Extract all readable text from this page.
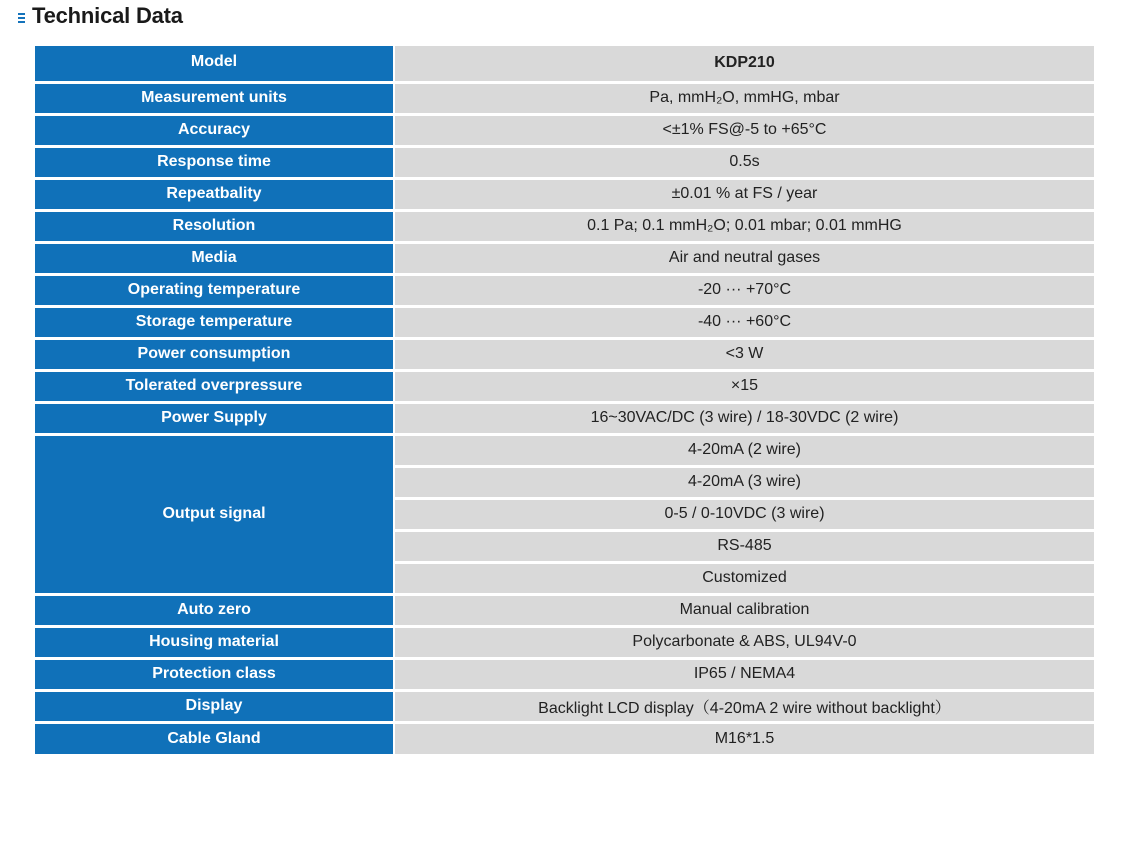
Technical Data
Model	KDP210
Measurement units	Pa, mmH₂O, mmHG, mbar
Accuracy	<±1% FS@-5 to +65°C
Response time	0.5s
Repeatbality	±0.01 % at FS / year
Resolution	0.1 Pa; 0.1 mmH₂O; 0.01 mbar; 0.01 mmHG
Media	Air and neutral gases
Operating temperature	-20 ··· +70°C
Storage temperature	-40 ··· +60°C
Power consumption	<3 W
Tolerated overpressure	×15
Power Supply	16~30VAC/DC (3 wire) / 18-30VDC (2 wire)
Output signal	4-20mA (2 wire)
	4-20mA (3 wire)
	0-5 / 0-10VDC (3 wire)
	RS-485
	Customized
Auto zero	Manual calibration
Housing material	Polycarbonate & ABS, UL94V-0
Protection class	IP65 / NEMA4
Display	Backlight LCD display（4-20mA 2 wire without backlight）
Cable Gland	M16*1.5
